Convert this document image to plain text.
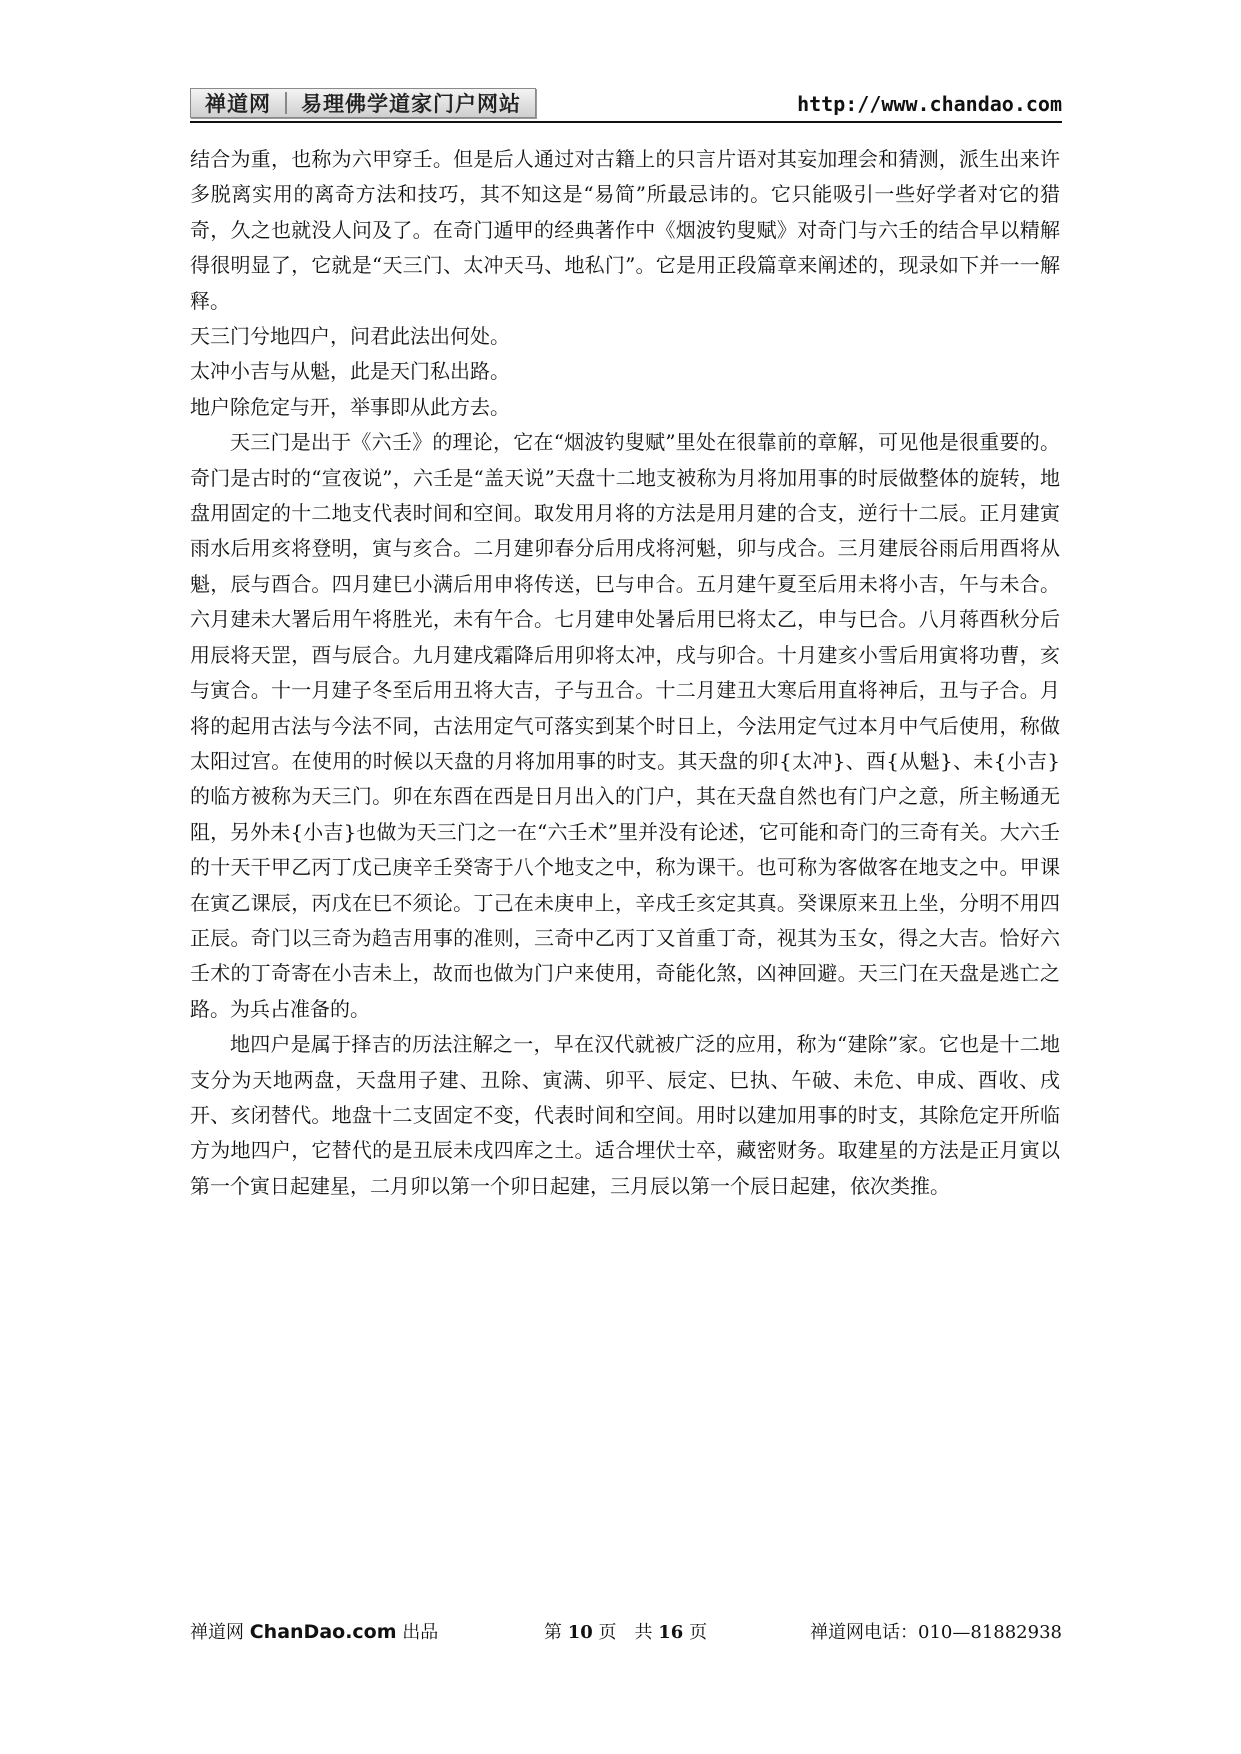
禅道网	易理佛学道家门户网站	http://www.chandao.com

结合为重，也称为六甲穿壬。但是后人通过对古籍上的只言片语对其妄加理会和猜测，派生出来许多脱离实用的离奇方法和技巧，其不知这是“易简”所最忌讳的。它只能吸引一些好学者对它的猎奇，久之也就没人问及了。在奇门遁甲的经典著作中《烟波钓叟赋》对奇门与六壬的结合早以精解得很明显了，它就是“天三门、太冲天马、地私门”。它是用正段篇章来阐述的，现录如下并一一解释。

天三门兮地四户，问君此法出何处。

太冲小吉与从魁，此是天门私出路。

地户除危定与开，举事即从此方去。

天三门是出于《六壬》的理论，它在“烟波钓叟赋”里处在很靠前的章解，可见他是很重要的。奇门是古时的“宣夜说”，六壬是“盖天说”天盘十二地支被称为月将加用事的时辰做整体的旋转，地盘用固定的十二地支代表时间和空间。取发用月将的方法是用月建的合支，逆行十二辰。正月建寅雨水后用亥将登明，寅与亥合。二月建卯春分后用戌将河魁，卯与戌合。三月建辰谷雨后用酉将从魁，辰与酉合。四月建巳小满后用申将传送，巳与申合。五月建午夏至后用未将小吉，午与未合。六月建未大署后用午将胜光，未有午合。七月建申处暑后用巳将太乙，申与巳合。八月蒋酉秋分后用辰将天罡，酉与辰合。九月建戌霜降后用卯将太冲，戌与卯合。十月建亥小雪后用寅将功曹，亥与寅合。十一月建子冬至后用丑将大吉，子与丑合。十二月建丑大寒后用直将神后，丑与子合。月将的起用古法与今法不同，古法用定气可落实到某个时日上，今法用定气过本月中气后使用，称做太阳过宫。在使用的时候以天盘的月将加用事的时支。其天盘的卯{太冲}、酉{从魁}、未{小吉}的临方被称为天三门。卯在东酉在西是日月出入的门户，其在天盘自然也有门户之意，所主畅通无阻，另外未{小吉}也做为天三门之一在“六壬术”里并没有论述，它可能和奇门的三奇有关。大六壬的十天干甲乙丙丁戊己庚辛壬癸寄于八个地支之中，称为课干。也可称为客做客在地支之中。甲课在寅乙课辰，丙戊在巳不须论。丁己在未庚申上，辛戌壬亥定其真。癸课原来丑上坐，分明不用四正辰。奇门以三奇为趋吉用事的准则，三奇中乙丙丁又首重丁奇，视其为玉女，得之大吉。恰好六壬术的丁奇寄在小吉未上，故而也做为门户来使用，奇能化煞，凶神回避。天三门在天盘是逃亡之路。为兵占准备的。

地四户是属于择吉的历法注解之一，早在汉代就被广泛的应用，称为“建除”家。它也是十二地支分为天地两盘，天盘用子建、丑除、寅满、卯平、辰定、巳执、午破、未危、申成、酉收、戌开、亥闭替代。地盘十二支固定不变，代表时间和空间。用时以建加用事的时支，其除危定开所临方为地四户，它替代的是丑辰未戌四库之土。适合埋伏士卒，藏密财务。取建星的方法是正月寅以第一个寅日起建星，二月卯以第一个卯日起建，三月辰以第一个辰日起建，依次类推。

禅道网 ChanDao.com 出品	第 10 页　共 16 页	禅道网电话：010—81882938
